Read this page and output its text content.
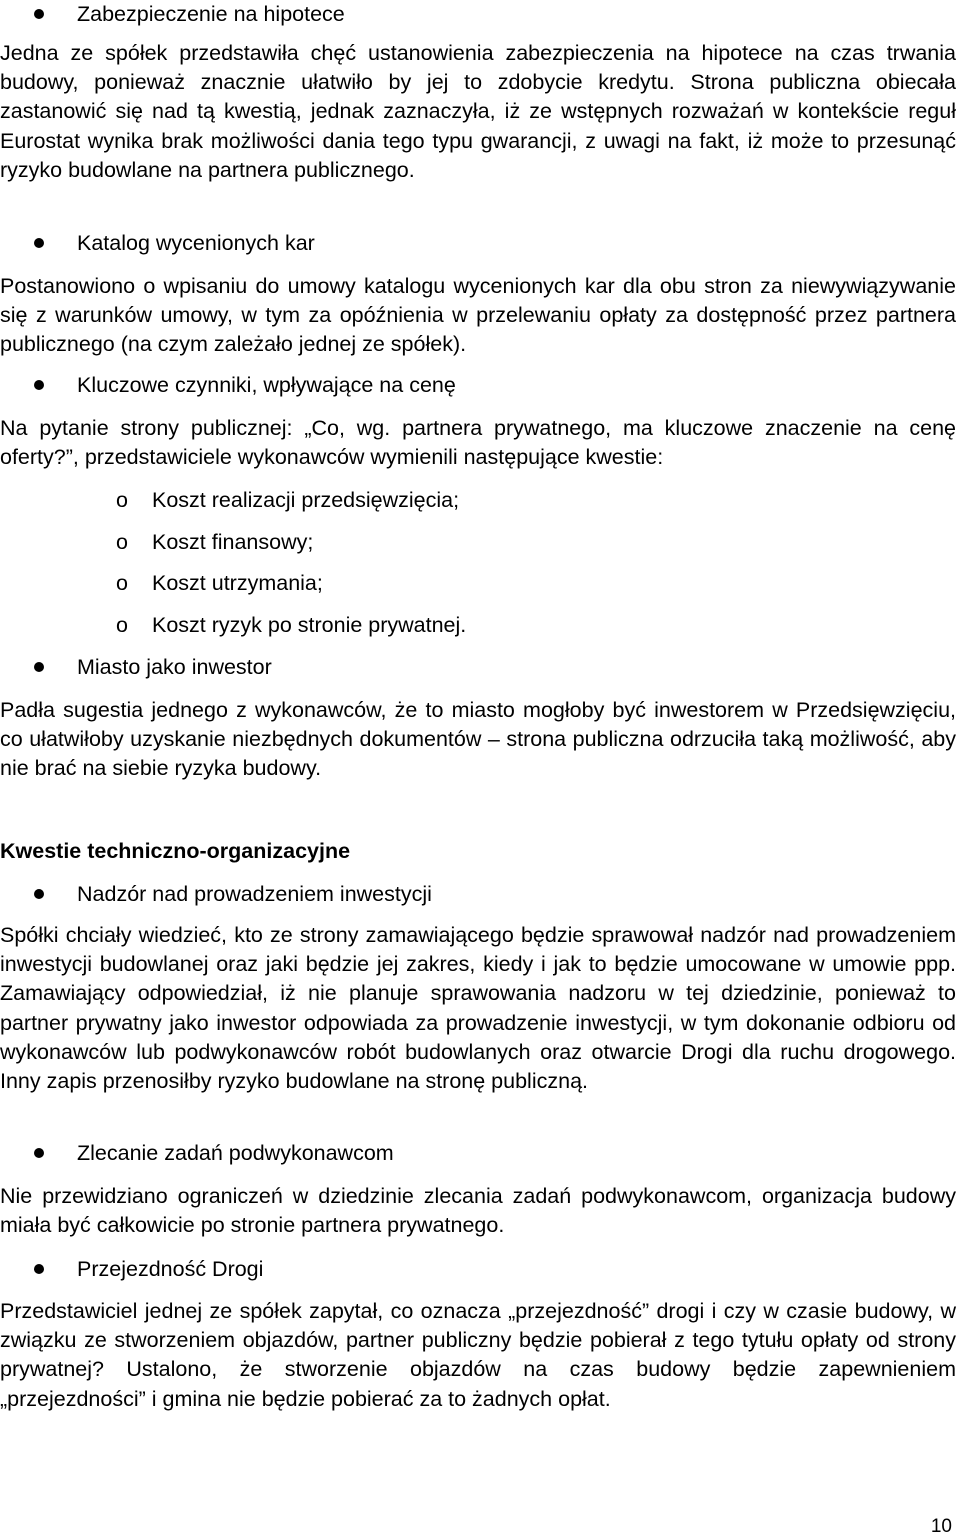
Zabezpieczenie na hipotece

Jedna ze spółek przedstawiła chęć ustanowienia zabezpieczenia na hipotece na czas trwania budowy, ponieważ znacznie ułatwiło by jej to zdobycie kredytu. Strona publiczna obiecała zastanowić się nad tą kwestią, jednak zaznaczyła, iż ze wstępnych rozważań w kontekście reguł Eurostat wynika brak możliwości dania tego typu gwarancji, z uwagi na fakt, iż może to przesunąć ryzyko budowlane na partnera publicznego.

Katalog wycenionych kar

Postanowiono o wpisaniu do umowy katalogu wycenionych kar dla obu stron za niewywiązywanie się z warunków umowy, w tym za opóźnienia w przelewaniu opłaty za dostępność przez partnera publicznego (na czym zależało jednej ze spółek).

Kluczowe czynniki, wpływające na cenę

Na pytanie strony publicznej: „Co, wg. partnera prywatnego, ma kluczowe znaczenie na cenę oferty?”, przedstawiciele wykonawców wymienili następujące kwestie:

o Koszt realizacji przedsięwzięcia;
o Koszt finansowy;
o Koszt utrzymania;
o Koszt ryzyk po stronie prywatnej.
Miasto jako inwestor

Padła sugestia jednego z wykonawców, że to miasto mogłoby być inwestorem w Przedsięwzięciu, co ułatwiłoby uzyskanie niezbędnych dokumentów – strona publiczna odrzuciła taką możliwość, aby nie brać na siebie ryzyka budowy.

Kwestie techniczno-organizacyjne
Nadzór nad prowadzeniem inwestycji

Spółki chciały wiedzieć, kto ze strony zamawiającego będzie sprawował nadzór nad prowadzeniem inwestycji budowlanej oraz jaki będzie jej zakres, kiedy i jak to będzie umocowane w umowie ppp. Zamawiający odpowiedział, iż nie planuje sprawowania nadzoru w tej dziedzinie, ponieważ to partner prywatny jako inwestor odpowiada za prowadzenie inwestycji, w tym dokonanie odbioru od wykonawców lub podwykonawców robót budowlanych oraz otwarcie Drogi dla ruchu drogowego. Inny zapis przenosiłby ryzyko budowlane na stronę publiczną.

Zlecanie zadań podwykonawcom

Nie przewidziano ograniczeń w dziedzinie zlecania zadań podwykonawcom, organizacja budowy miała być całkowicie po stronie partnera prywatnego.

Przejezdność Drogi

Przedstawiciel jednej ze spółek zapytał, co oznacza „przejezdność” drogi i czy w czasie budowy, w związku ze stworzeniem objazdów, partner publiczny będzie pobierał z tego tytułu opłaty od strony prywatnej? Ustalono, że stworzenie objazdów na czas budowy będzie zapewnieniem „przejezdności” i gmina nie będzie pobierać za to żadnych opłat.

10
